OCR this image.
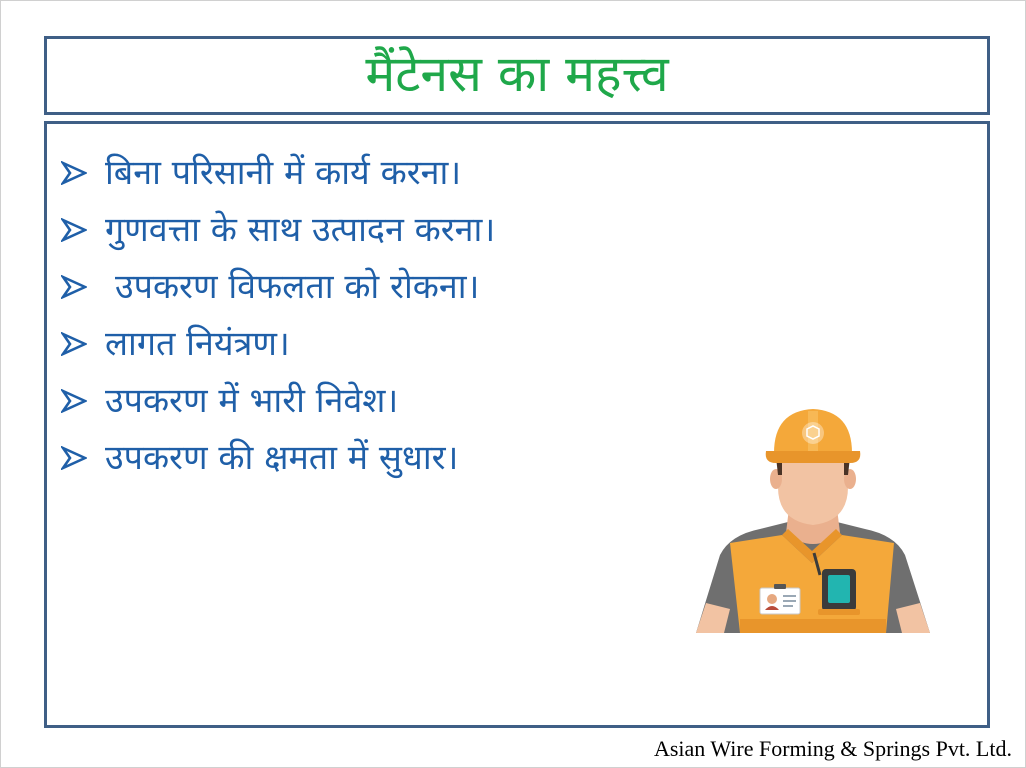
मैंटेनस का महत्त्व
बिना परिसानी में कार्य करना।
गुणवत्ता के साथ उत्पादन करना।
उपकरण विफलता को रोकना।
लागत नियंत्रण।
उपकरण में भारी निवेश।
उपकरण की क्षमता में सुधार।
Asian Wire Forming & Springs Pvt. Ltd.
